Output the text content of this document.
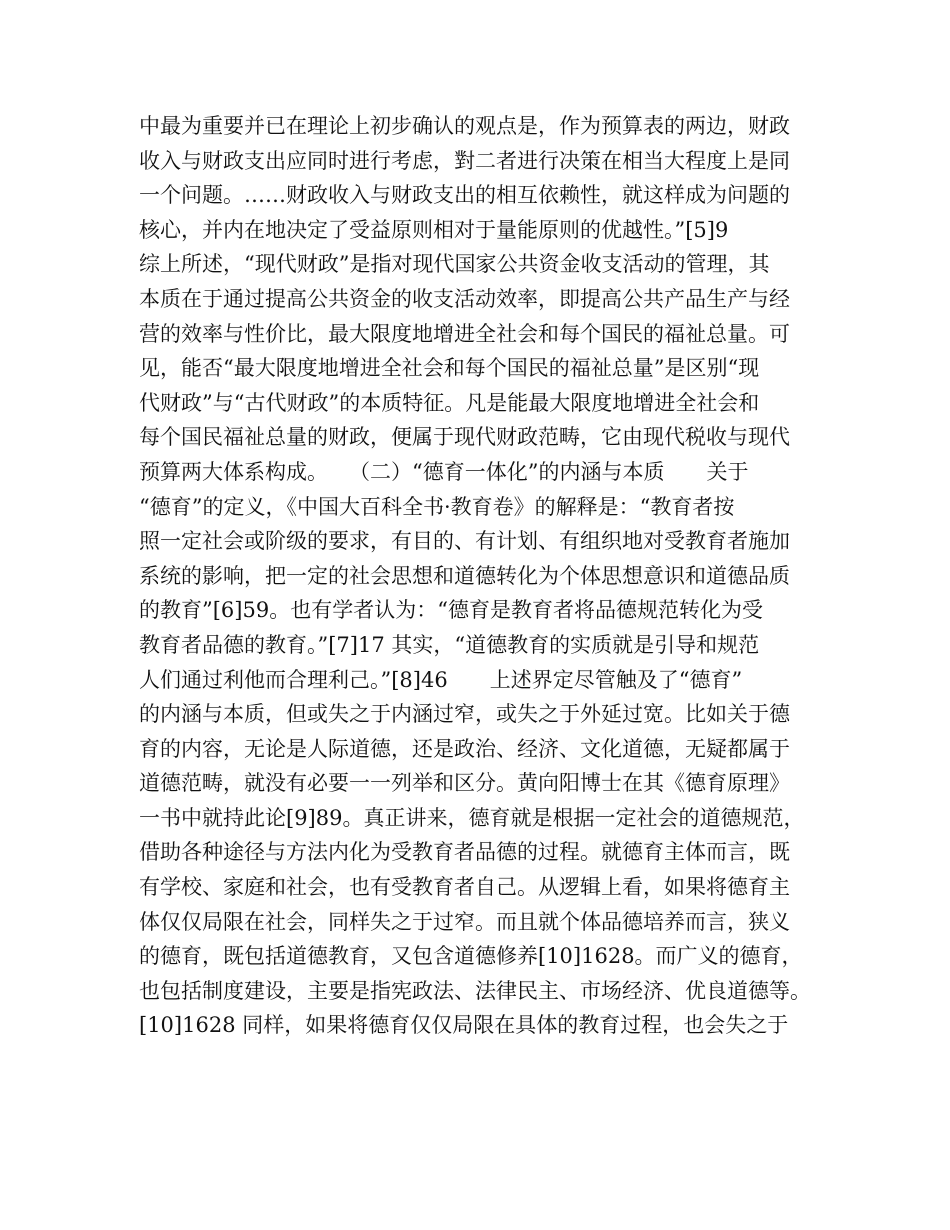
中最为重要并已在理论上初步确认的观点是，作为预算表的两边，财政
收入与财政支出应同时进行考虑，對二者进行决策在相当大程度上是同
一个问题。……财政收入与财政支出的相互依赖性，就这样成为问题的
核心，并内在地决定了受益原则相对于量能原则的优越性。”[5]9
综上所述，“现代财政”是指对现代国家公共资金收支活动的管理，其
本质在于通过提高公共资金的收支活动效率，即提高公共产品生产与经
营的效率与性价比，最大限度地增进全社会和每个国民的福祉总量。可
见，能否“最大限度地增进全社会和每个国民的福祉总量”是区别“现
代财政”与“古代财政”的本质特征。凡是能最大限度地增进全社会和
每个国民福祉总量的财政，便属于现代财政范畴，它由现代税收与现代
预算两大体系构成。　　（二）“德育一体化”的内涵与本质　　关于
“德育”的定义，《中国大百科全书·教育卷》的解释是：“教育者按
照一定社会或阶级的要求，有目的、有计划、有组织地对受教育者施加
系统的影响，把一定的社会思想和道德转化为个体思想意识和道德品质
的教育”[6]59。也有学者认为：“德育是教育者将品德规范转化为受
教育者品德的教育。”[7]17 其实，“道德教育的实质就是引导和规范
人们通过利他而合理利己。”[8]46　　上述界定尽管触及了“德育”
的内涵与本质，但或失之于内涵过窄，或失之于外延过宽。比如关于德
育的内容，无论是人际道德，还是政治、经济、文化道德，无疑都属于
道德范畴，就没有必要一一列举和区分。黄向阳博士在其《德育原理》
一书中就持此论[9]89。真正讲来，德育就是根据一定社会的道德规范，
借助各种途径与方法内化为受教育者品德的过程。就德育主体而言，既
有学校、家庭和社会，也有受教育者自己。从逻辑上看，如果将德育主
体仅仅局限在社会，同样失之于过窄。而且就个体品德培养而言，狭义
的德育，既包括道德教育，又包含道德修养[10]1628。而广义的德育，
也包括制度建设，主要是指宪政法、法律民主、市场经济、优良道德等。
[10]1628 同样，如果将德育仅仅局限在具体的教育过程，也会失之于
